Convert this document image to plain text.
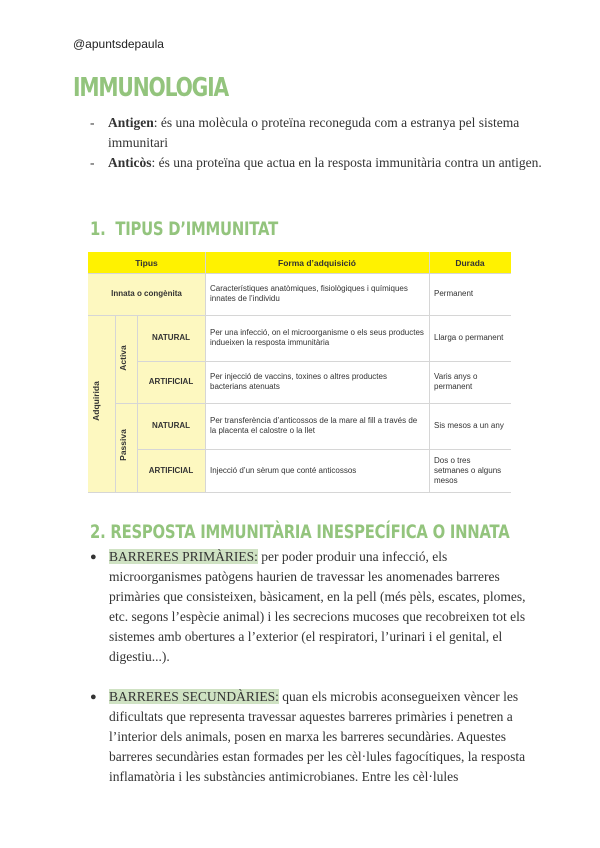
@apuntsdepaula
IMMUNOLOGIA
- Antigen: és una molècula o proteïna reconeguda com a estranya pel sistema immunitari
- Anticòs: és una proteïna que actua en la resposta immunitària contra un antigen.
1. TIPUS D’IMMUNITAT
Tipus	Forma d’adquisició	Durada
Innata o congènita
Característiques anatòmiques, fisiològiques i químiques innates de l’individu
Permanent
Adquirida
Activa
Passiva
NATURAL
ARTIFICIAL
NATURAL
ARTIFICIAL
Per una infecció, on el microorganisme o els seus productes indueixen la resposta immunitària
Llarga o permanent
Per injecció de vaccins, toxines o altres productes bacterians atenuats
Varis anys o permanent
Per transferència d’anticossos de la mare al fill a través de la placenta el calostre o la llet
Sis mesos a un any
Injecció d’un sèrum que conté anticossos
Dos o tres setmanes o alguns mesos
2. RESPOSTA IMMUNITÀRIA INESPECÍFICA O INNATA
● BARRERES PRIMÀRIES: per poder produir una infecció, els microorganismes patògens haurien de travessar les anomenades barreres primàries que consisteixen, bàsicament, en la pell (més pèls, escates, plomes, etc. segons l’espècie animal) i les secrecions mucoses que recobreixen tot els sistemes amb obertures a l’exterior (el respiratori, l’urinari i el genital, el digestiu...).
● BARRERES SECUNDÀRIES: quan els microbis aconsegueixen vèncer les dificultats que representa travessar aquestes barreres primàries i penetren a l’interior dels animals, posen en marxa les barreres secundàries. Aquestes barreres secundàries estan formades per les cèl·lules fagocítiques, la resposta inflamatòria i les substàncies antimicrobianes. Entre les cèl·lules
